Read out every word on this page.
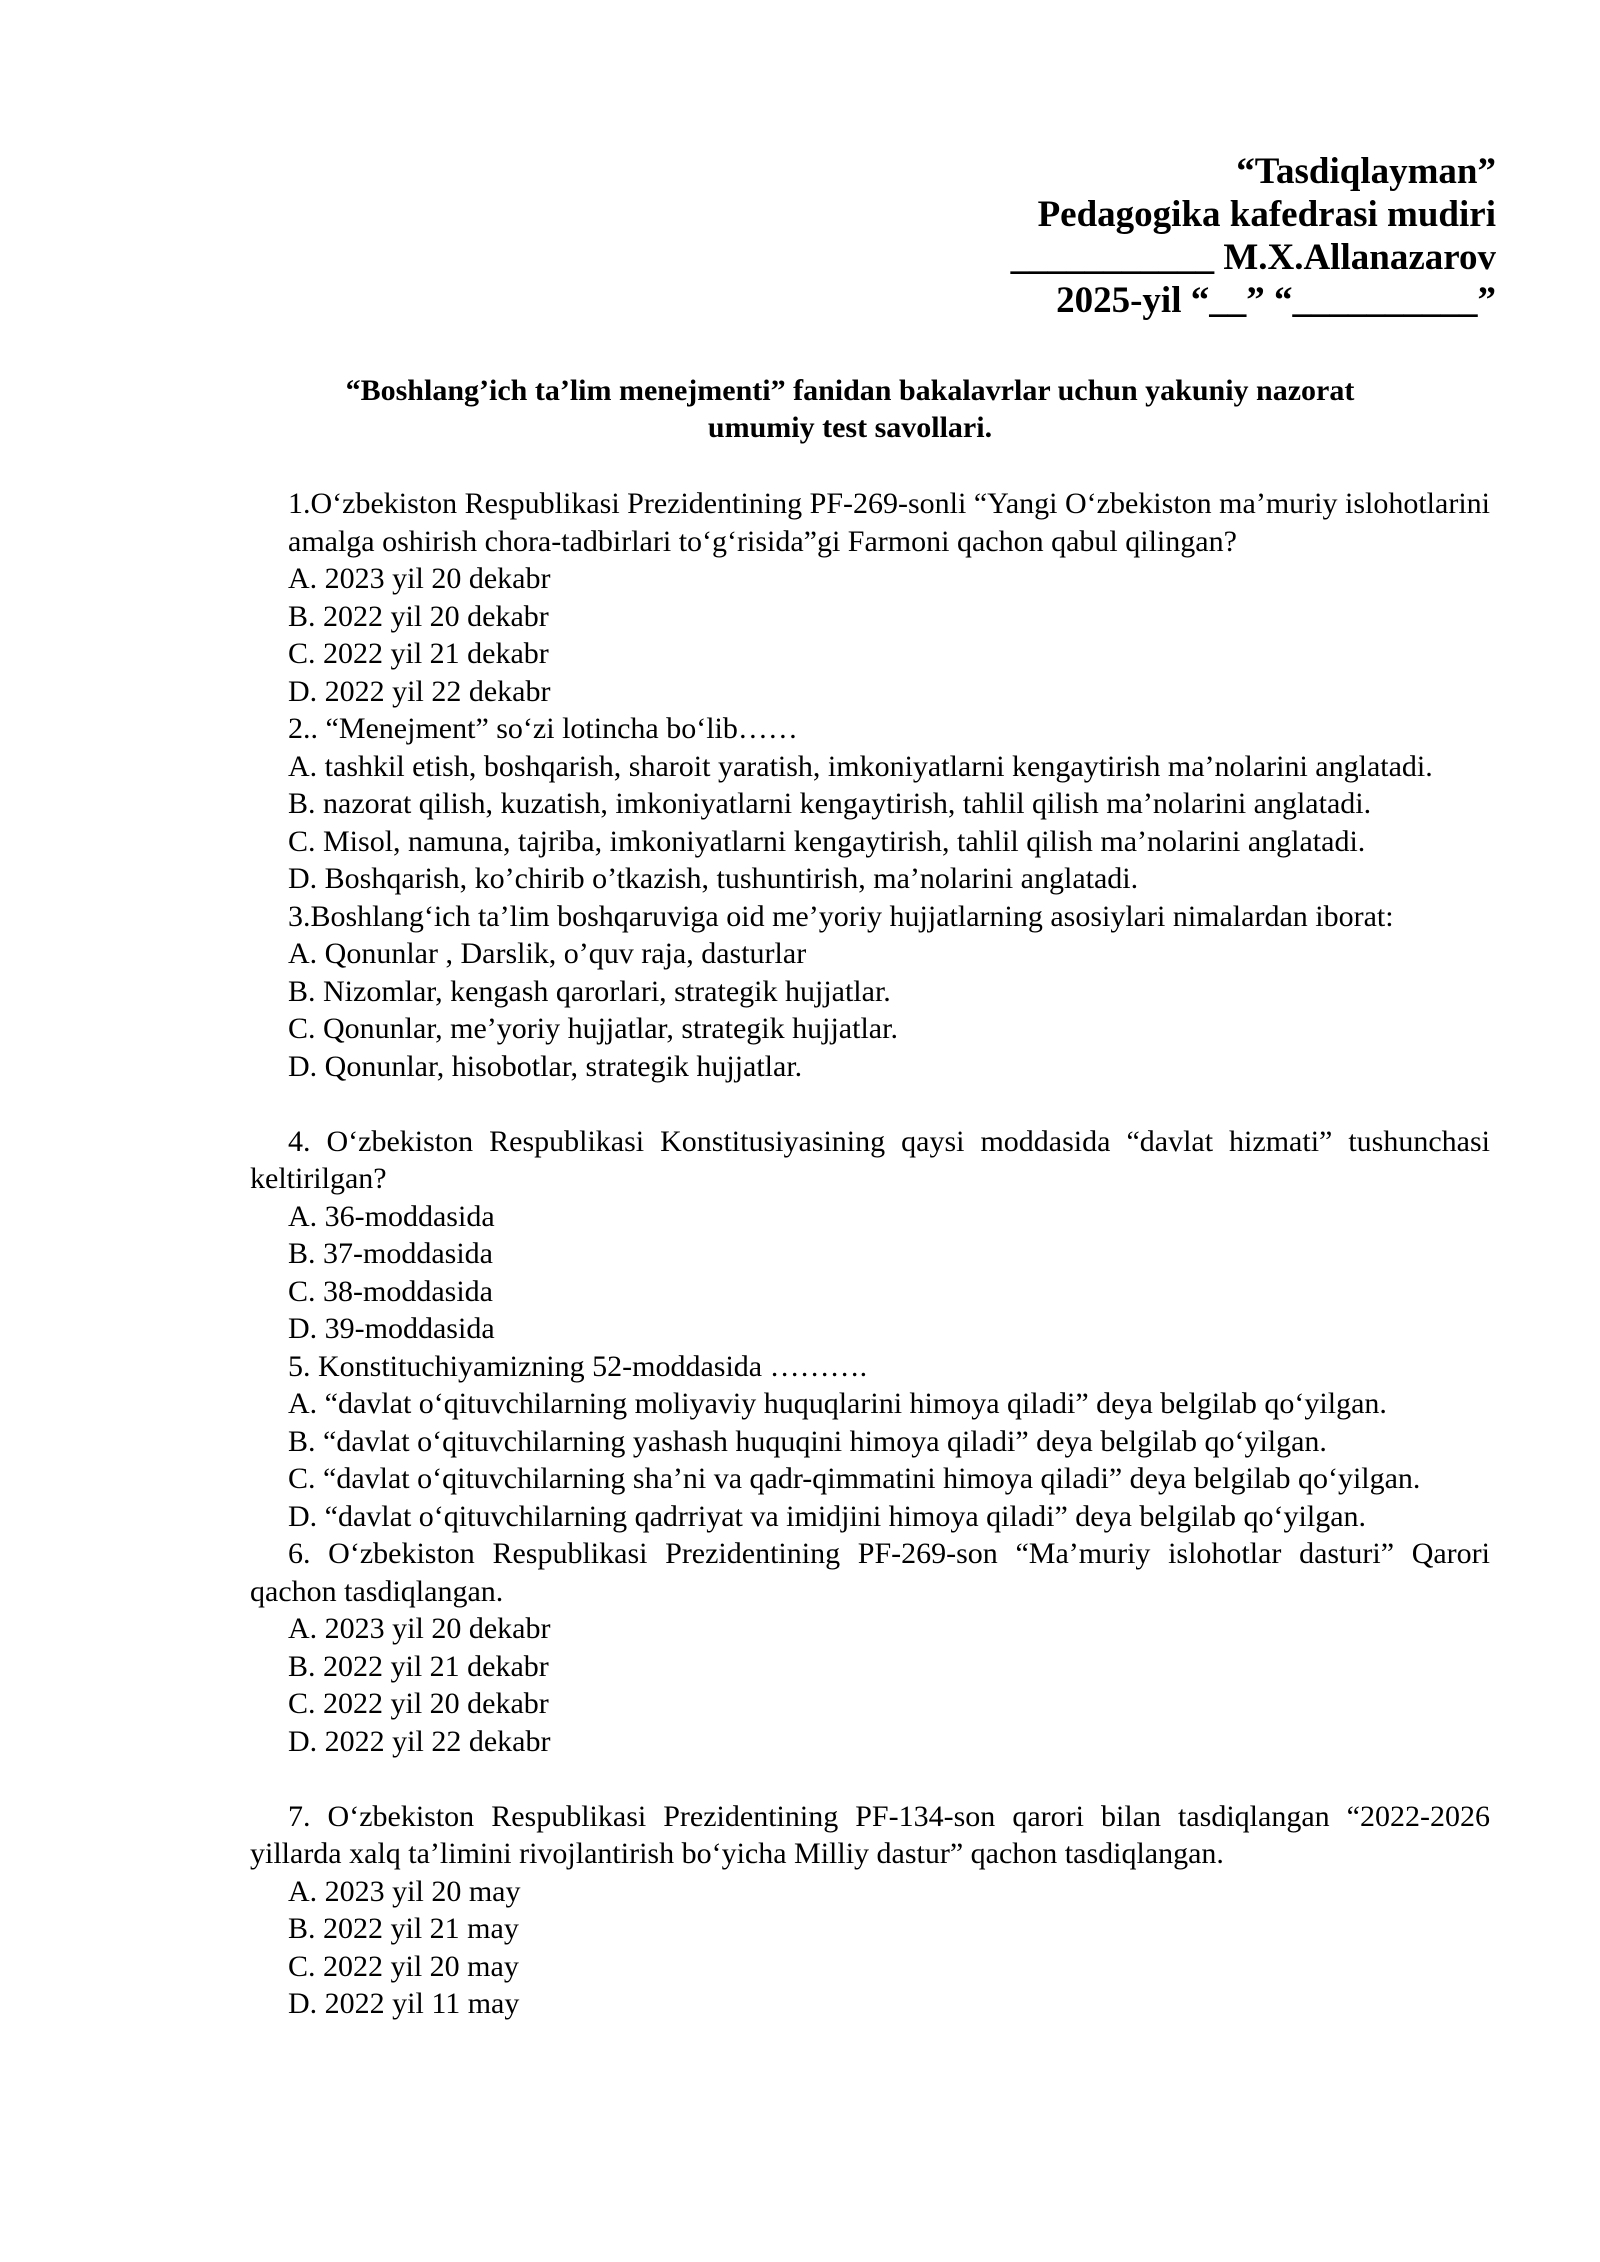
“Tasdiqlayman”
Pedagogika kafedrasi mudiri
___________ M.X.Allanazarov
2025-yil “__” “__________”
“Boshlang’ich ta’lim menejmenti” fanidan bakalavrlar uchun yakuniy nazorat
umumiy test savollari.
1.O‘zbekiston Respublikasi Prezidentining PF-269-sonli “Yangi O‘zbekiston ma’muriy islohotlarini amalga oshirish chora-tadbirlari to‘g‘risida”gi Farmoni qachon qabul qilingan?
A. 2023 yil 20 dekabr
B. 2022 yil 20 dekabr
C. 2022 yil 21 dekabr
D. 2022 yil 22 dekabr
2.. “Menejment” so‘zi lotincha bo‘lib……
A. tashkil etish, boshqarish, sharoit yaratish, imkoniyatlarni kengaytirish ma’nolarini anglatadi.
B. nazorat qilish, kuzatish, imkoniyatlarni kengaytirish, tahlil qilish ma’nolarini anglatadi.
C. Misol, namuna, tajriba, imkoniyatlarni kengaytirish, tahlil qilish ma’nolarini anglatadi.
D. Boshqarish, ko’chirib o’tkazish, tushuntirish, ma’nolarini anglatadi.
3.Boshlang‘ich ta’lim boshqaruviga oid me’yoriy hujjatlarning asosiylari nimalardan iborat:
A. Qonunlar , Darslik, o’quv raja, dasturlar
B. Nizomlar, kengash qarorlari, strategik hujjatlar.
C. Qonunlar, me’yoriy hujjatlar, strategik hujjatlar.
D. Qonunlar, hisobotlar, strategik hujjatlar.
4. O‘zbekiston Respublikasi Konstitusiyasining qaysi moddasida “davlat hizmati” tushunchasi keltirilgan?
A. 36-moddasida
B. 37-moddasida
C. 38-moddasida
D. 39-moddasida
5. Konstituchiyamizning 52-moddasida ……….
A. “davlat o‘qituvchilarning moliyaviy huquqlarini himoya qiladi” deya belgilab qo‘yilgan.
B. “davlat o‘qituvchilarning yashash huquqini himoya qiladi” deya belgilab qo‘yilgan.
C. “davlat o‘qituvchilarning sha’ni va qadr-qimmatini himoya qiladi” deya belgilab qo‘yilgan.
D. “davlat o‘qituvchilarning qadrriyat va imidjini himoya qiladi” deya belgilab qo‘yilgan.
6. O‘zbekiston Respublikasi Prezidentining PF-269-son “Ma’muriy islohotlar dasturi” Qarori qachon tasdiqlangan.
A. 2023 yil 20 dekabr
B. 2022 yil 21 dekabr
C. 2022 yil 20 dekabr
D. 2022 yil 22 dekabr
7. O‘zbekiston Respublikasi Prezidentining PF-134-son qarori bilan tasdiqlangan “2022-2026 yillarda xalq ta’limini rivojlantirish bo‘yicha Milliy dastur” qachon tasdiqlangan.
A. 2023 yil 20 may
B. 2022 yil 21 may
C. 2022 yil 20 may
D. 2022 yil 11 may
